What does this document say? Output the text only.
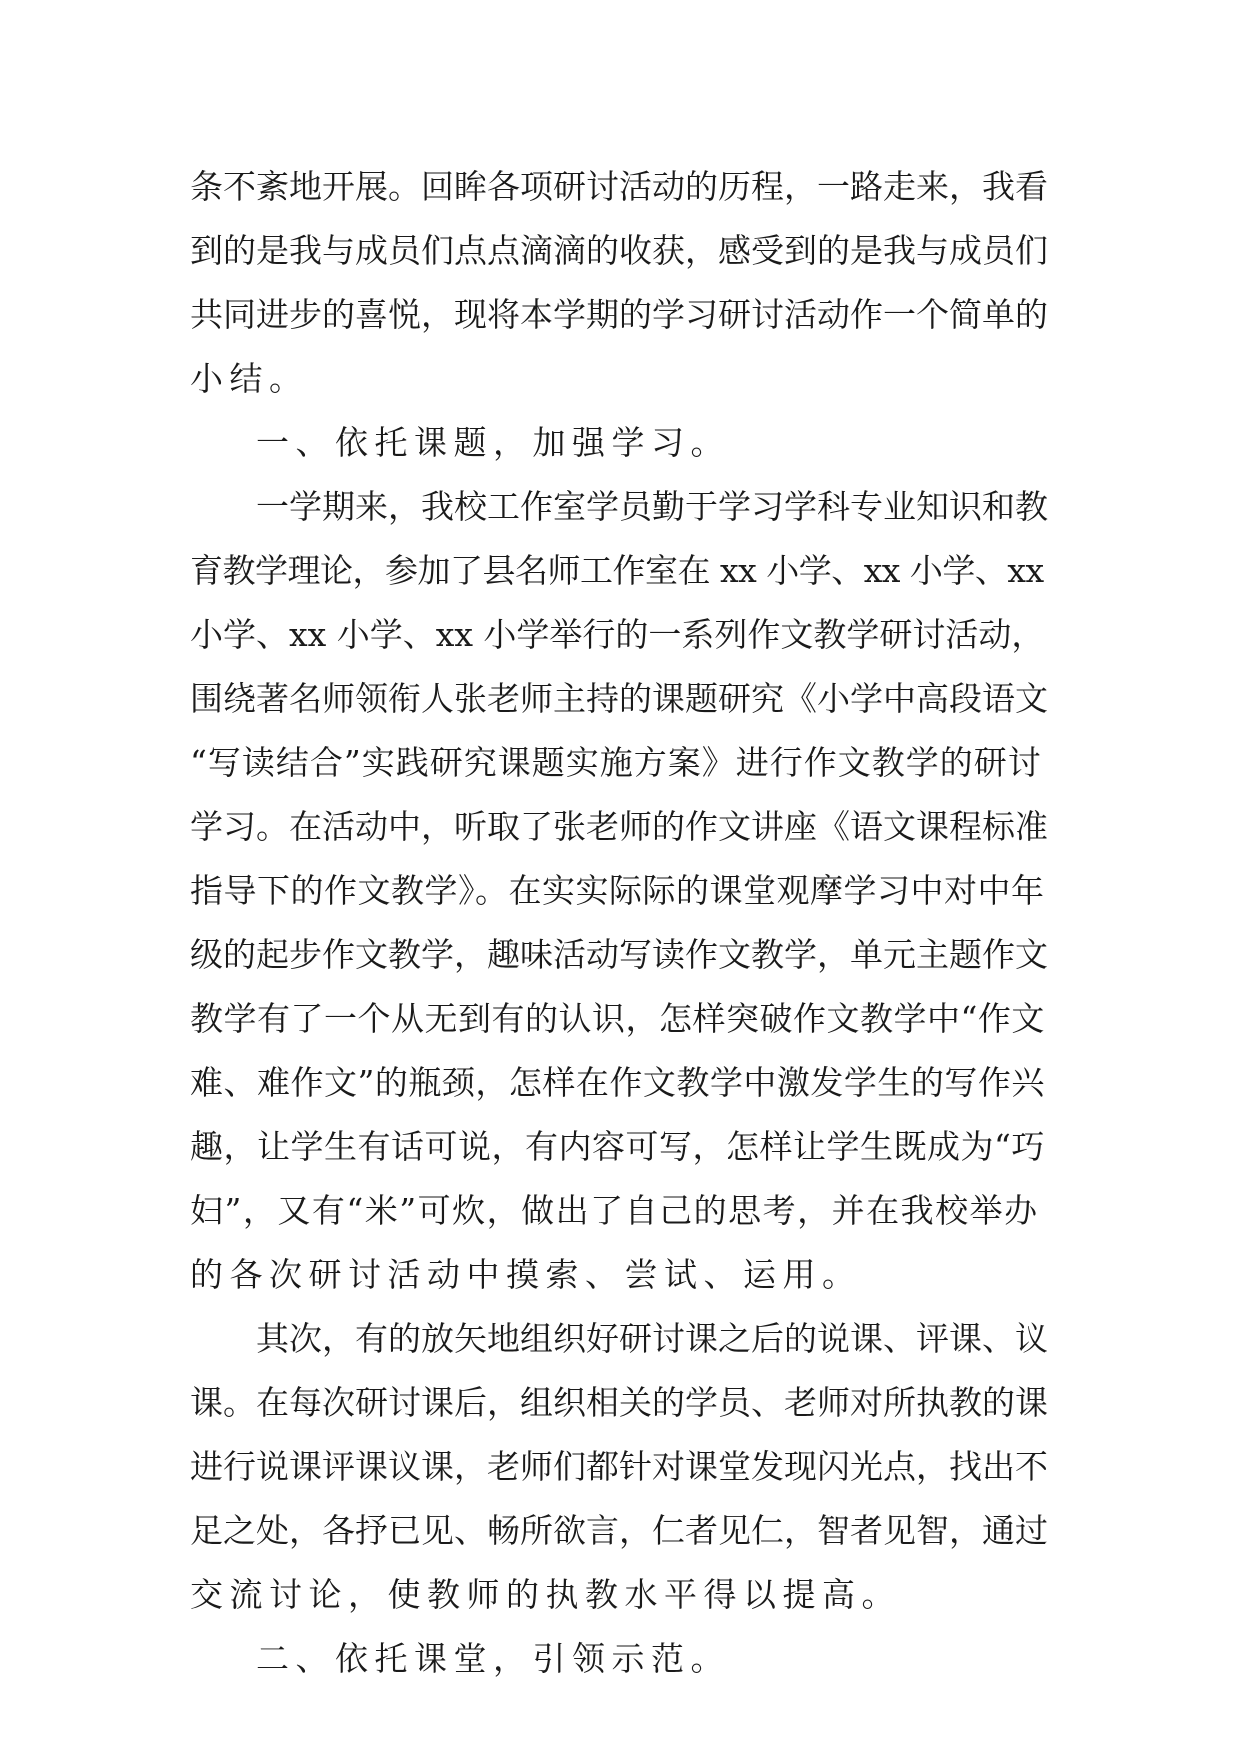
条不紊地开展。回眸各项研讨活动的历程，一路走来，我看
到的是我与成员们点点滴滴的收获，感受到的是我与成员们
共同进步的喜悦，现将本学期的学习研讨活动作一个简单的
小结。
一、依托课题，加强学习。
一学期来，我校工作室学员勤于学习学科专业知识和教
育教学理论，参加了县名师工作室在 xx 小学、xx 小学、xx
小学、xx 小学、xx 小学举行的一系列作文教学研讨活动，
围绕著名师领衔人张老师主持的课题研究《小学中高段语文
“写读结合”实践研究课题实施方案》进行作文教学的研讨
学习。在活动中，听取了张老师的作文讲座《语文课程标准
指导下的作文教学》。在实实际际的课堂观摩学习中对中年
级的起步作文教学，趣味活动写读作文教学，单元主题作文
教学有了一个从无到有的认识，怎样突破作文教学中“作文
难、难作文”的瓶颈，怎样在作文教学中激发学生的写作兴
趣，让学生有话可说，有内容可写，怎样让学生既成为“巧
妇”，又有“米”可炊，做出了自己的思考，并在我校举办
的各次研讨活动中摸索、尝试、运用。
其次，有的放矢地组织好研讨课之后的说课、评课、议
课。在每次研讨课后，组织相关的学员、老师对所执教的课
进行说课评课议课，老师们都针对课堂发现闪光点，找出不
足之处，各抒已见、畅所欲言，仁者见仁，智者见智，通过
交流讨论，使教师的执教水平得以提高。
二、依托课堂，引领示范。
